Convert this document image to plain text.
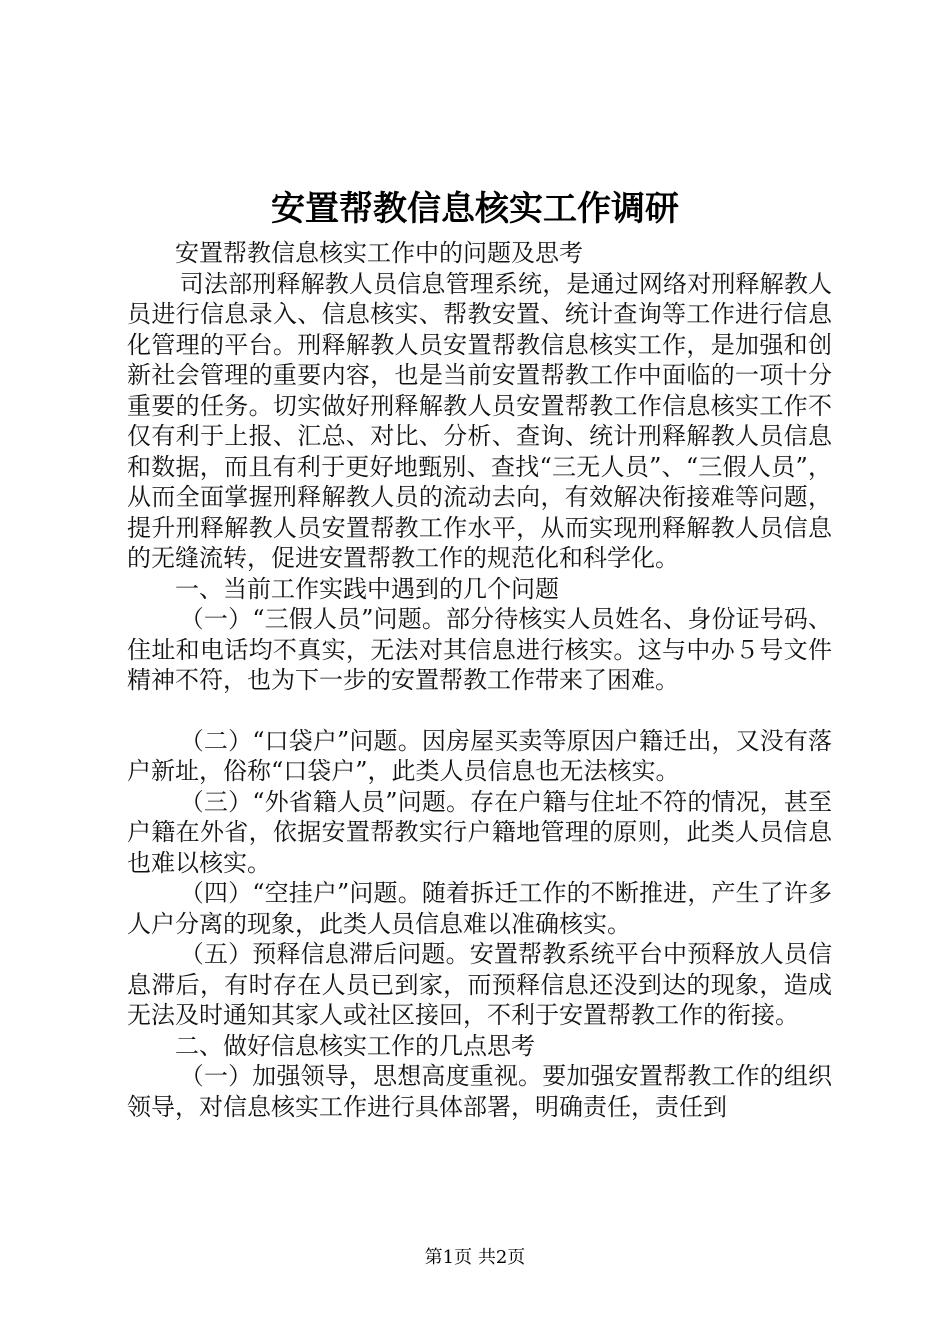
安置帮教信息核实工作调研

安置帮教信息核实工作中的问题及思考

司法部刑释解教人员信息管理系统，是通过网络对刑释解教人员进行信息录入、信息核实、帮教安置、统计查询等工作进行信息化管理的平台。刑释解教人员安置帮教信息核实工作，是加强和创新社会管理的重要内容，也是当前安置帮教工作中面临的一项十分重要的任务。切实做好刑释解教人员安置帮教工作信息核实工作不仅有利于上报、汇总、对比、分析、查询、统计刑释解教人员信息和数据，而且有利于更好地甄别、查找“三无人员”、“三假人员”，从而全面掌握刑释解教人员的流动去向，有效解决衔接难等问题，提升刑释解教人员安置帮教工作水平，从而实现刑释解教人员信息的无缝流转，促进安置帮教工作的规范化和科学化。

一、当前工作实践中遇到的几个问题

（一）“三假人员”问题。部分待核实人员姓名、身份证号码、住址和电话均不真实，无法对其信息进行核实。这与中办５号文件精神不符，也为下一步的安置帮教工作带来了困难。

（二）“口袋户”问题。因房屋买卖等原因户籍迁出，又没有落户新址，俗称“口袋户”，此类人员信息也无法核实。

（三）“外省籍人员”问题。存在户籍与住址不符的情况，甚至户籍在外省，依据安置帮教实行户籍地管理的原则，此类人员信息也难以核实。

（四）“空挂户”问题。随着拆迁工作的不断推进，产生了许多人户分离的现象，此类人员信息难以准确核实。

（五）预释信息滞后问题。安置帮教系统平台中预释放人员信息滞后，有时存在人员已到家，而预释信息还没到达的现象，造成无法及时通知其家人或社区接回，不利于安置帮教工作的衔接。

二、做好信息核实工作的几点思考

（一）加强领导，思想高度重视。要加强安置帮教工作的组织领导，对信息核实工作进行具体部署，明确责任，责任到

第1页 共2页
